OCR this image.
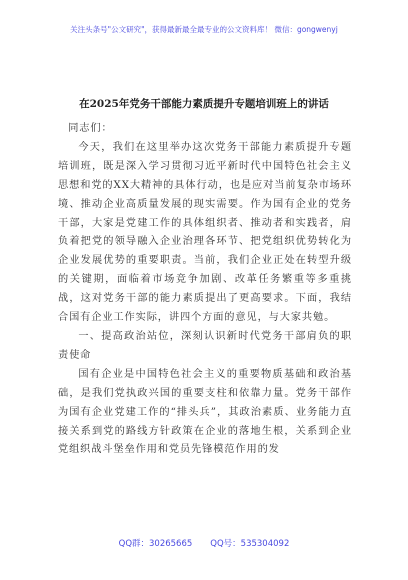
关注头条号"公文研究"，获得最新最全最专业的公文资料库！ 微信：gongwenyj
在2025年党务干部能力素质提升专题培训班上的讲话

同志们：

今天，我们在这里举办这次党务干部能力素质提升专题培训班，既是深入学习贯彻习近平新时代中国特色社会主义思想和党的XX大精神的具体行动，也是应对当前复杂市场环境、推动企业高质量发展的现实需要。作为国有企业的党务干部，大家是党建工作的具体组织者、推动者和实践者，肩负着把党的领导融入企业治理各环节、把党组织优势转化为企业发展优势的重要职责。当前，我们企业正处在转型升级的关键期，面临着市场竞争加剧、改革任务繁重等多重挑战，这对党务干部的能力素质提出了更高要求。下面，我结合国有企业工作实际，讲四个方面的意见，与大家共勉。

一、提高政治站位，深刻认识新时代党务干部肩负的职责使命

国有企业是中国特色社会主义的重要物质基础和政治基础，是我们党执政兴国的重要支柱和依靠力量。党务干部作为国有企业党建工作的“排头兵”，其政治素质、业务能力直接关系到党的路线方针政策在企业的落地生根，关系到企业党组织战斗堡垒作用和党员先锋模范作用的发

QQ群：30265665 QQ号：535304092
